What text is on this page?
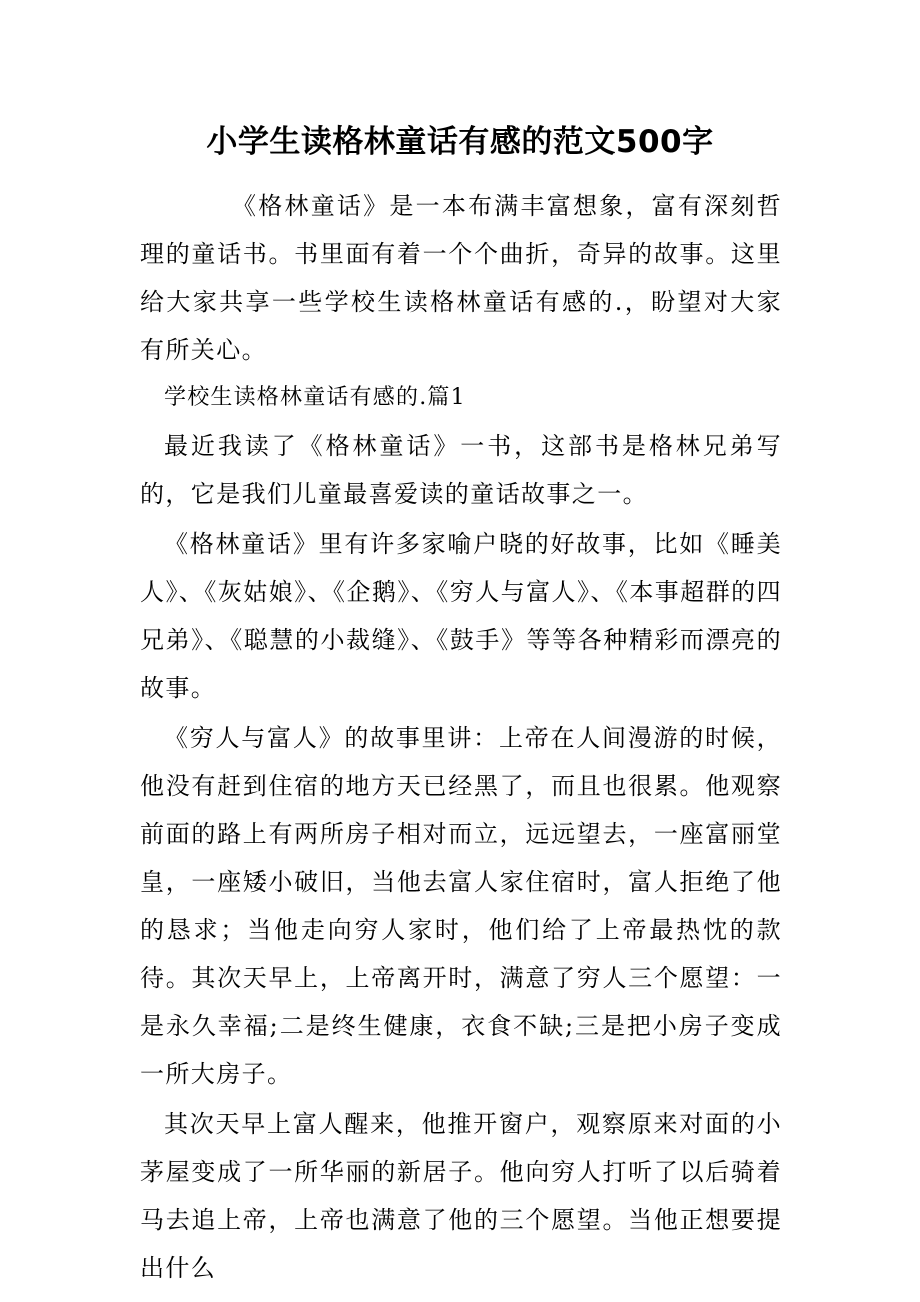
小学生读格林童话有感的范文500字

《格林童话》是一本布满丰富想象，富有深刻哲理的童话书。书里面有着一个个曲折，奇异的故事。这里给大家共享一些学校生读格林童话有感的.，盼望对大家有所关心。

学校生读格林童话有感的.篇1

最近我读了《格林童话》一书，这部书是格林兄弟写的，它是我们儿童最喜爱读的童话故事之一。

《格林童话》里有许多家喻户晓的好故事，比如《睡美人》、《灰姑娘》、《企鹅》、《穷人与富人》、《本事超群的四兄弟》、《聪慧的小裁缝》、《鼓手》等等各种精彩而漂亮的故事。

《穷人与富人》的故事里讲：上帝在人间漫游的时候，他没有赶到住宿的地方天已经黑了，而且也很累。他观察前面的路上有两所房子相对而立，远远望去，一座富丽堂皇，一座矮小破旧，当他去富人家住宿时，富人拒绝了他的恳求；当他走向穷人家时，他们给了上帝最热忱的款待。其次天早上，上帝离开时，满意了穷人三个愿望：一是永久幸福;二是终生健康，衣食不缺;三是把小房子变成一所大房子。

其次天早上富人醒来，他推开窗户，观察原来对面的小茅屋变成了一所华丽的新居子。他向穷人打听了以后骑着马去追上帝，上帝也满意了他的三个愿望。当他正想要提出什么
